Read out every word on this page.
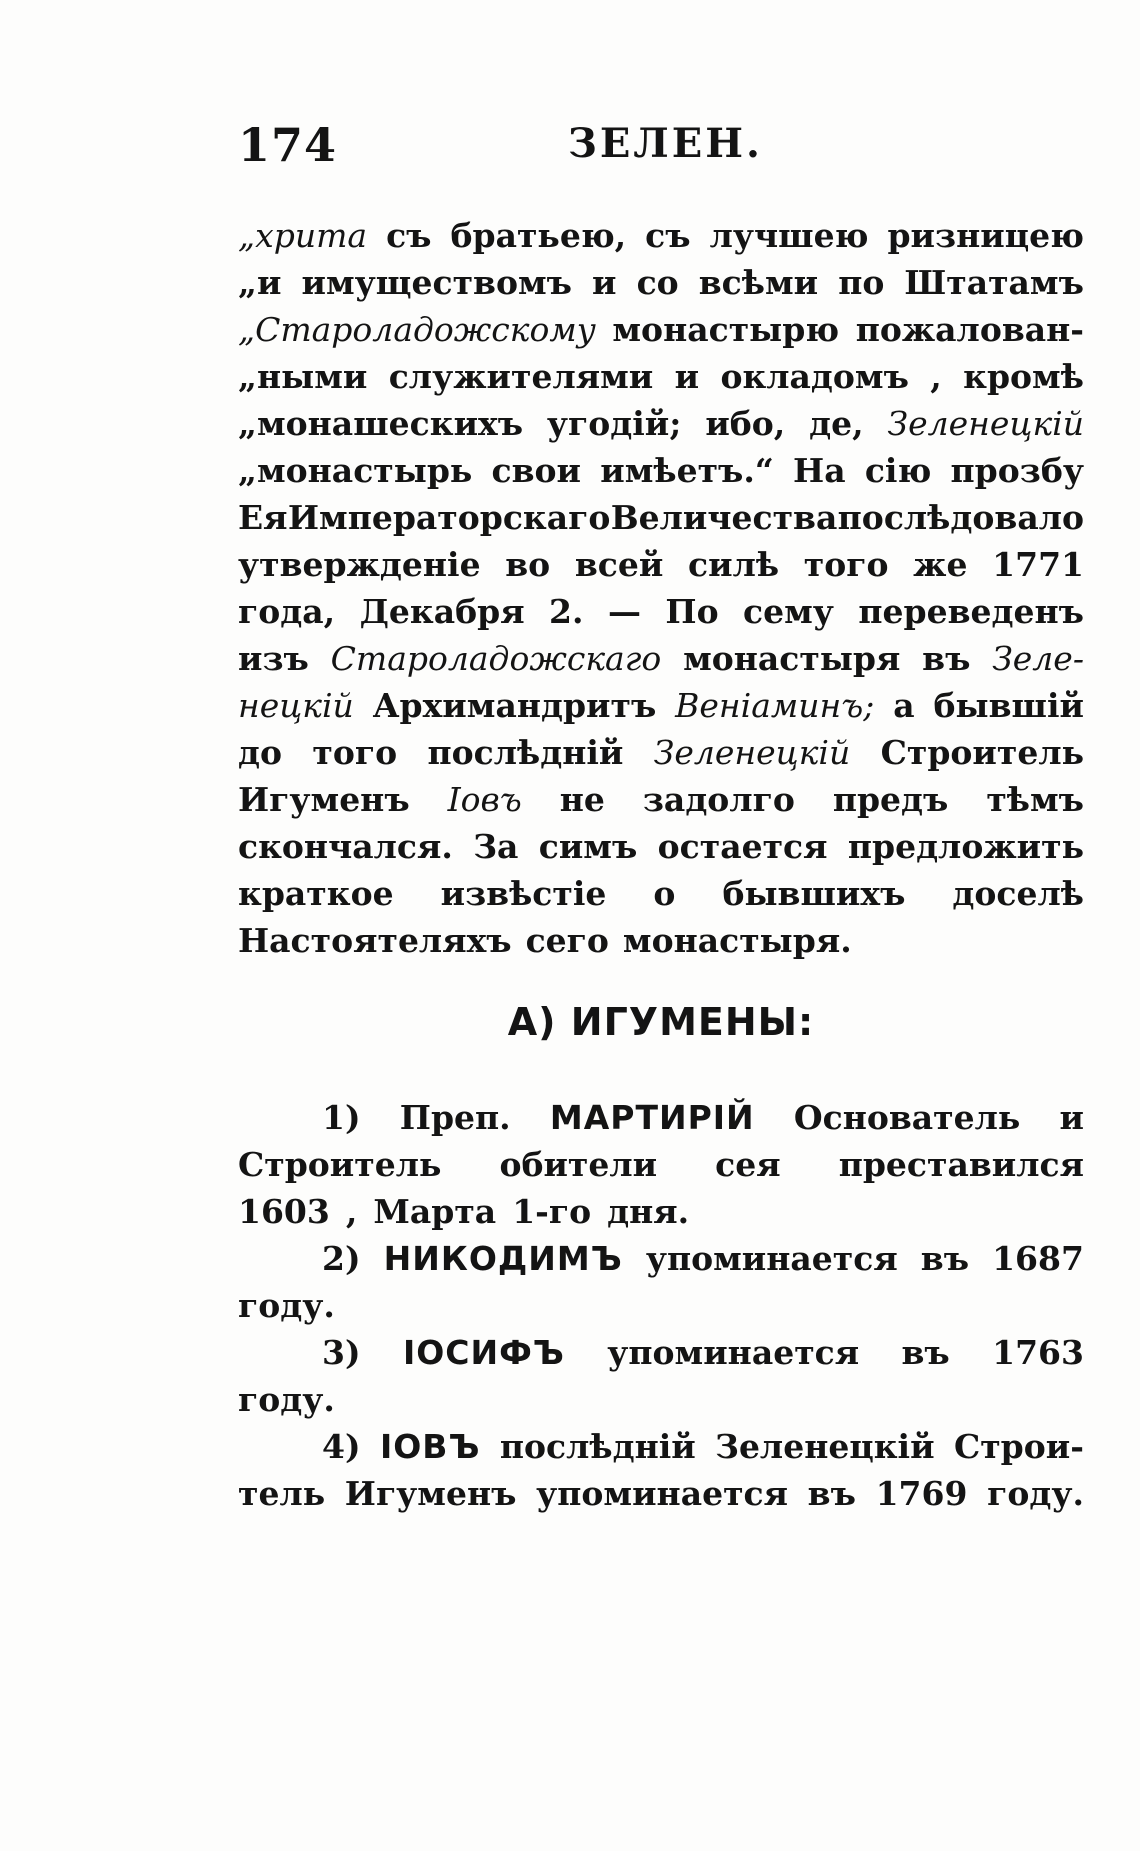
174	ЗЕЛЕН.
„хрита съ братьею, съ лучшею ризницею
„и имуществомъ и со всѣми по Штатамъ
„Староладожскому монастырю пожалован-
„ными служителями и окладомъ , кромѣ
„монашескихъ угодій; ибо, де, Зеленецкій
„монастырь свои имѣетъ.“ На сію прозбу
Ея Императорскаго Величества послѣдовало
утвержденіе во всей силѣ того же 1771
года, Декабря 2. — По сему переведенъ
изъ Староладожскаго монастыря въ Зеле-
нецкій Архимандритъ Веніаминъ; а бывшій
до того послѣдній Зеленецкій Строитель
Игуменъ Іовъ не задолго предъ тѣмъ
скончался. За симъ остается предложить
краткое извѣстіе о бывшихъ доселѣ
Настоятеляхъ сего монастыря.
А) ИГУМЕНЫ:
1) Преп. МАРТИРІЙ Основатель и
Строитель обители сея преставился
1603 , Марта 1-го дня.
2) НИКОДИМЪ упоминается въ 1687
году.
3) ІОСИФЪ упоминается въ 1763
году.
4) ІОВЪ послѣдній Зеленецкій Строи-
тель Игуменъ упоминается въ 1769 году.
